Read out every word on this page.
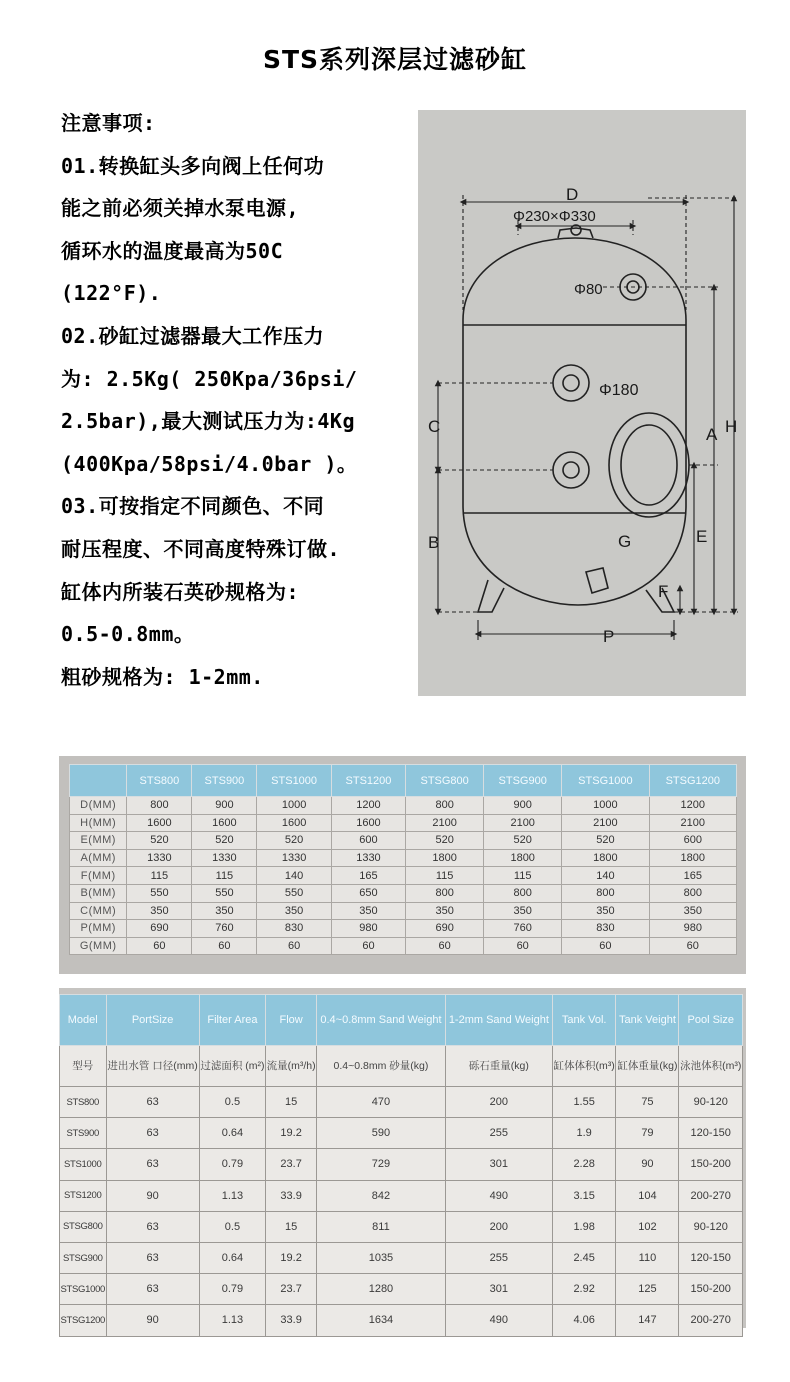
STS系列深层过滤砂缸
注意事项:
01.转换缸头多向阀上任何功
能之前必须关掉水泵电源,
循环水的温度最高为50C
(122°F).
02.砂缸过滤器最大工作压力
为: 2.5Kg( 250Kpa/36psi/
2.5bar),最大测试压力为:4Kg
(400Kpa/58psi/4.0bar )。
03.可按指定不同颜色、不同
耐压程度、不同高度特殊订做.
缸体内所装石英砂规格为:
0.5-0.8mm。
粗砂规格为: 1-2mm.
D
Φ230×Φ330
Φ80
Φ180
A H
C
B	E
G
F
P
	STS800	STS900	STS1000	STS1200	STSG800	STSG900	STSG1000	STSG1200
D(MM)	800	900	1000	1200	800	900	1000	1200
H(MM)	1600	1600	1600	1600	2100	2100	2100	2100
E(MM)	520	520	520	600	520	520	520	600
A(MM)	1330	1330	1330	1330	1800	1800	1800	1800
F(MM)	115	115	140	165	115	115	140	165
B(MM)	550	550	550	650	800	800	800	800
C(MM)	350	350	350	350	350	350	350	350
P(MM)	690	760	830	980	690	760	830	980
G(MM)	60	60	60	60	60	60	60	60
Model	PortSize	Filter Area	Flow	0.4~0.8mm Sand Weight	1-2mm Sand Weight	Tank Vol.	Tank Veight	Pool Size
型号	进出水管 口径(mm)	过滤面积 (m²)	流量(m³/h)	0.4~0.8mm 砂量(kg)	砾石重量(kg)	缸体体积(m³)	缸体重量(kg)	泳池体积(m³)
STS800	63	0.5	15	470	200	1.55	75	90-120
STS900	63	0.64	19.2	590	255	1.9	79	120-150
STS1000	63	0.79	23.7	729	301	2.28	90	150-200
STS1200	90	1.13	33.9	842	490	3.15	104	200-270
STSG800	63	0.5	15	811	200	1.98	102	90-120
STSG900	63	0.64	19.2	1035	255	2.45	110	120-150
STSG1000	63	0.79	23.7	1280	301	2.92	125	150-200
STSG1200	90	1.13	33.9	1634	490	4.06	147	200-270
